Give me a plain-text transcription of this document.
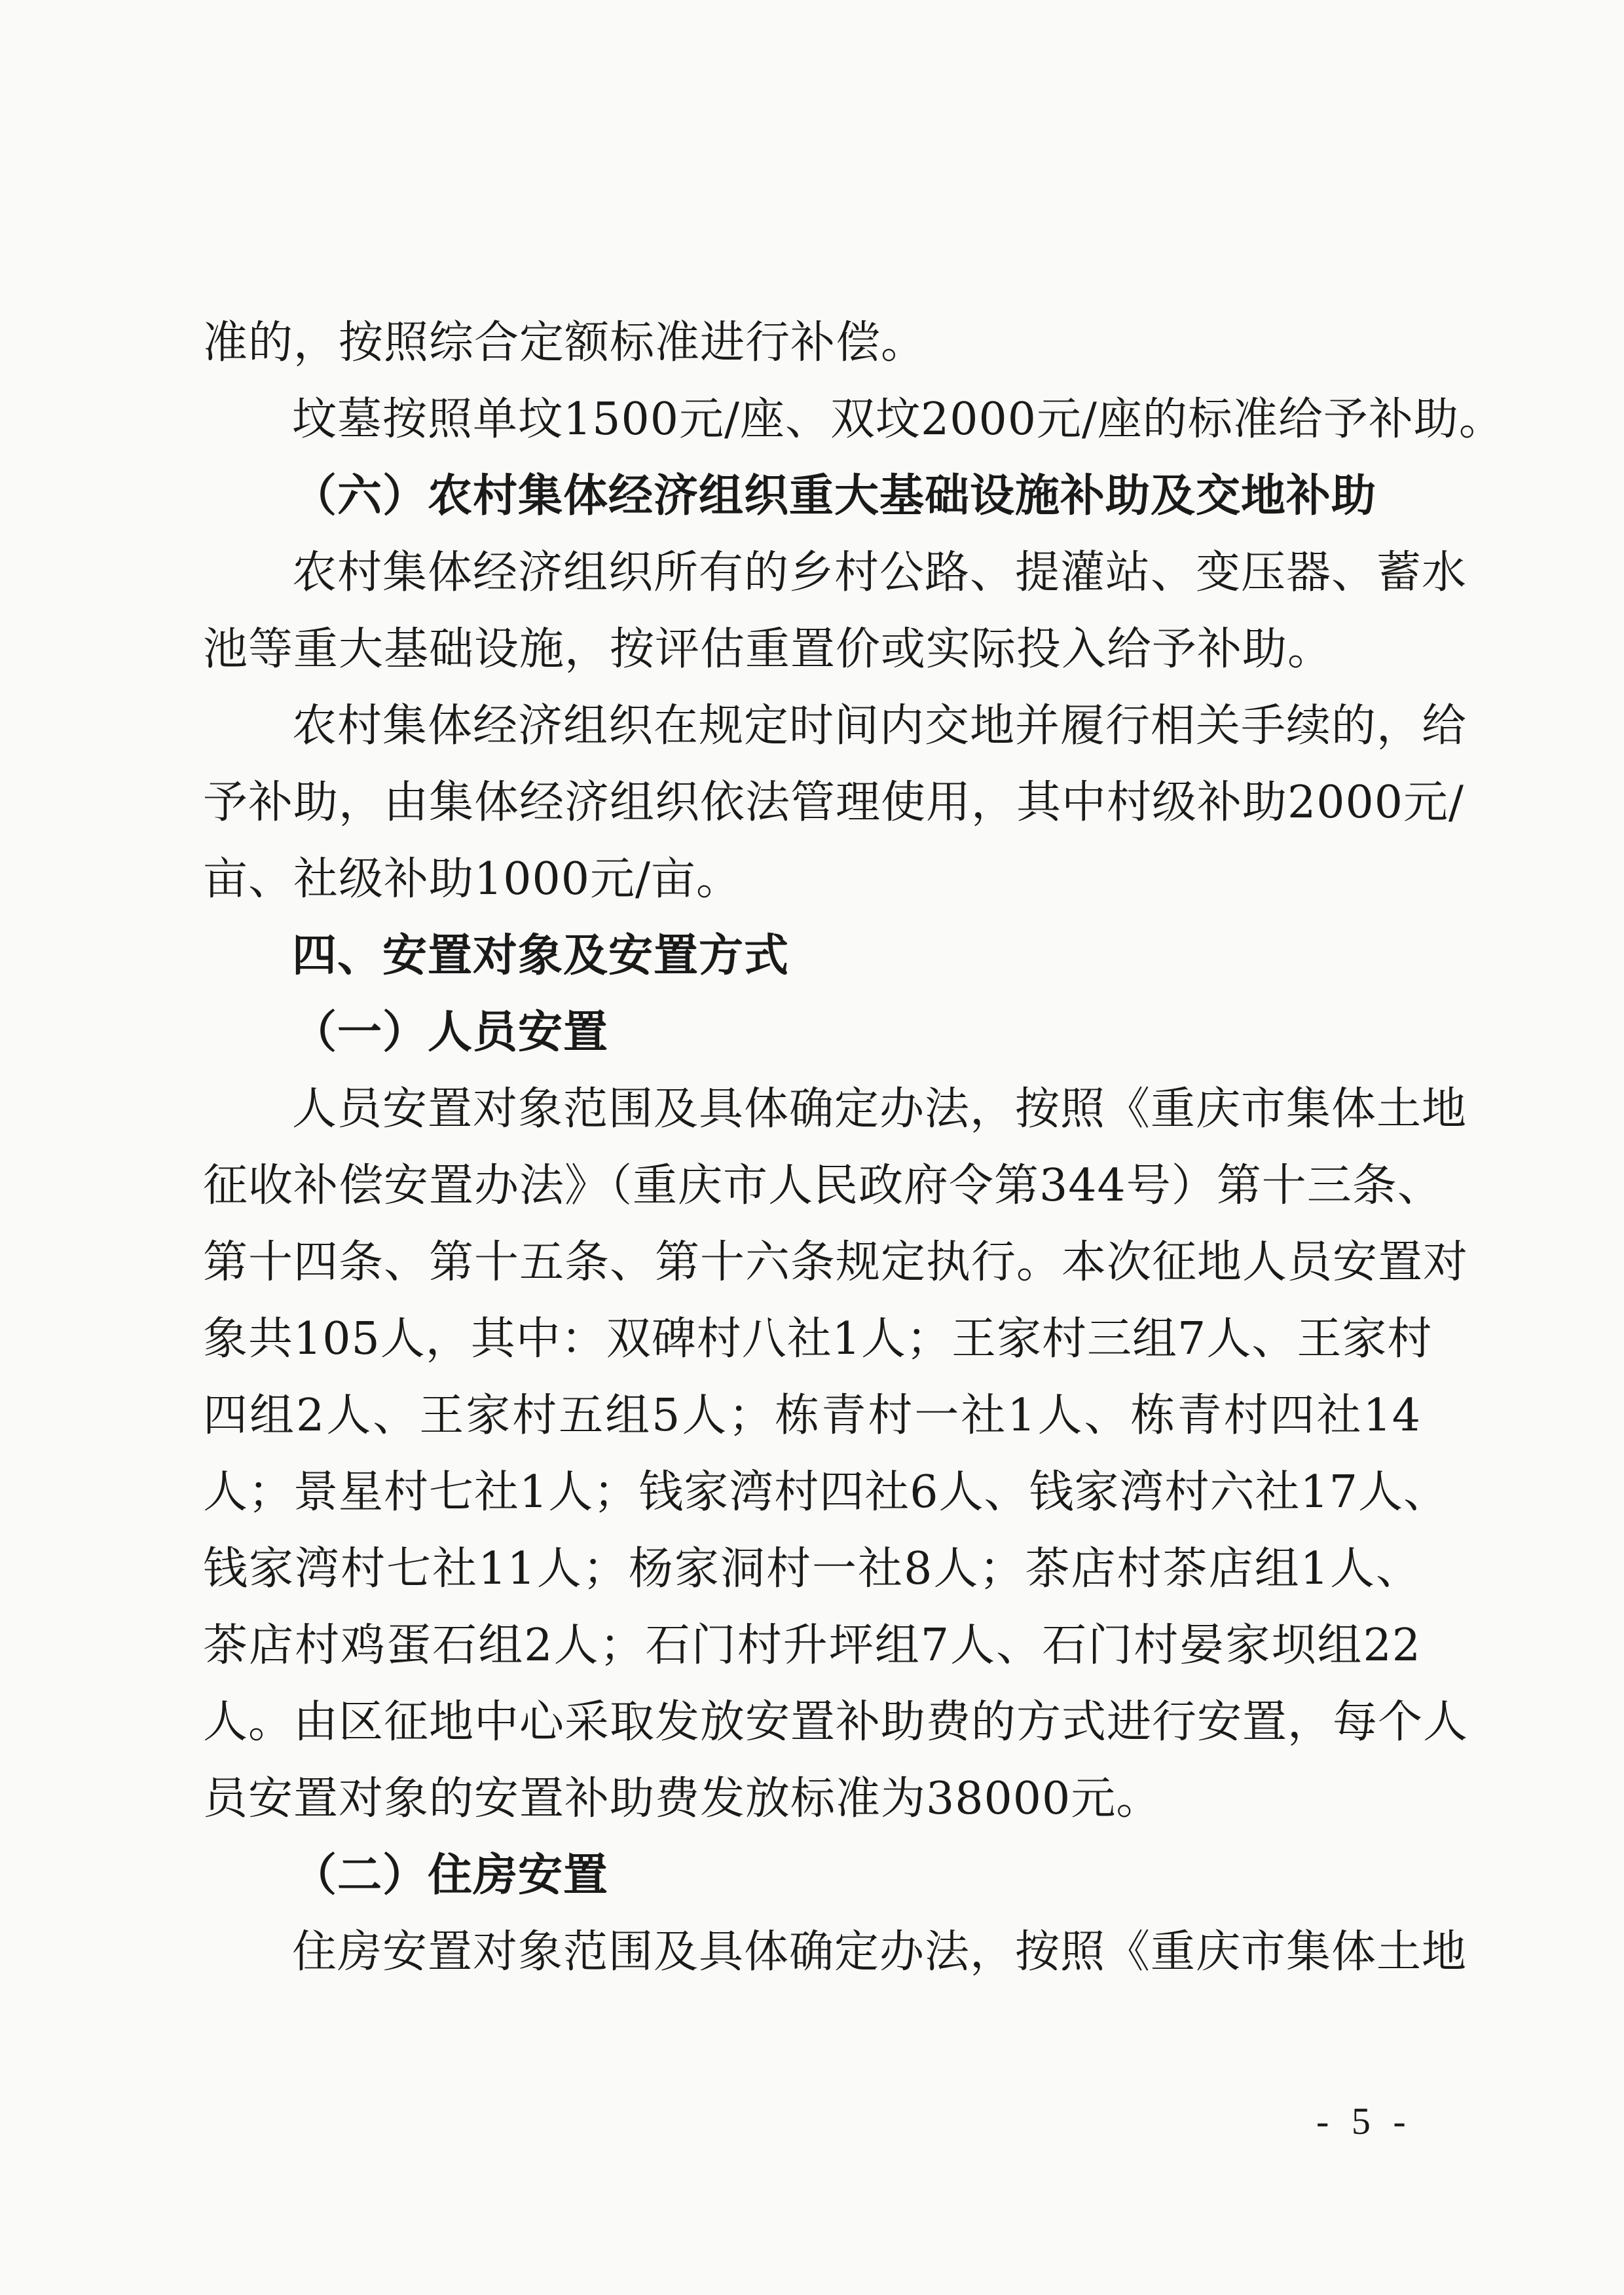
准的，按照综合定额标准进行补偿。
坟墓按照单坟1500元/座、双坟2000元/座的标准给予补助。
（六）农村集体经济组织重大基础设施补助及交地补助
农村集体经济组织所有的乡村公路、提灌站、变压器、蓄水
池等重大基础设施，按评估重置价或实际投入给予补助。
农村集体经济组织在规定时间内交地并履行相关手续的，给
予补助，由集体经济组织依法管理使用，其中村级补助2000元/
亩、社级补助1000元/亩。
四、安置对象及安置方式
（一）人员安置
人员安置对象范围及具体确定办法，按照《重庆市集体土地
征收补偿安置办法》（重庆市人民政府令第344号）第十三条、
第十四条、第十五条、第十六条规定执行。本次征地人员安置对
象共105人，其中：双碑村八社1人；王家村三组7人、王家村
四组2人、王家村五组5人；栋青村一社1人、栋青村四社14
人；景星村七社1人；钱家湾村四社6人、钱家湾村六社17人、
钱家湾村七社11人；杨家洞村一社8人；茶店村茶店组1人、
茶店村鸡蛋石组2人；石门村升坪组7人、石门村晏家坝组22
人。由区征地中心采取发放安置补助费的方式进行安置，每个人
员安置对象的安置补助费发放标准为38000元。
（二）住房安置
住房安置对象范围及具体确定办法，按照《重庆市集体土地
- 5 -
